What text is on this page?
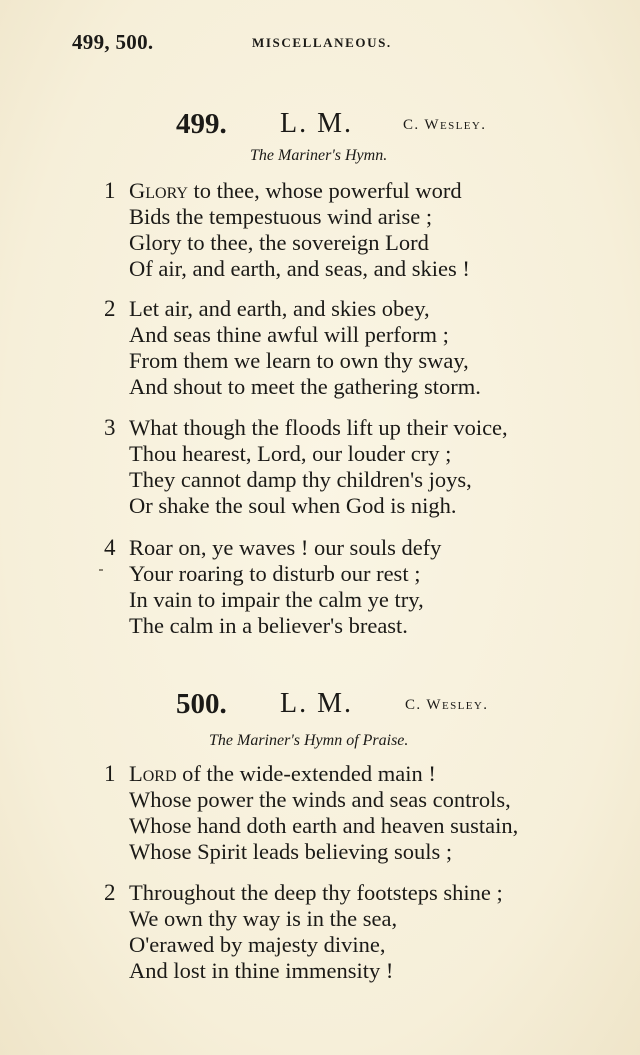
499, 500.	MISCELLANEOUS.
499. L. M.	C. Wesley.
The Mariner's Hymn.
1 Glory to thee, whose powerful word
Bids the tempestuous wind arise ;
Glory to thee, the sovereign Lord
Of air, and earth, and seas, and skies !
2 Let air, and earth, and skies obey,
And seas thine awful will perform ;
From them we learn to own thy sway,
And shout to meet the gathering storm.
3 What though the floods lift up their voice,
Thou hearest, Lord, our louder cry ;
They cannot damp thy children's joys,
Or shake the soul when God is nigh.
4 Roar on, ye waves ! our souls defy
Your roaring to disturb our rest ;
In vain to impair the calm ye try,
The calm in a believer's breast.
500. L. M.	C. Wesley.
The Mariner's Hymn of Praise.
1 Lord of the wide-extended main !
Whose power the winds and seas controls,
Whose hand doth earth and heaven sustain,
Whose Spirit leads believing souls ;
2 Throughout the deep thy footsteps shine ;
We own thy way is in the sea,
O'erawed by majesty divine,
And lost in thine immensity !
